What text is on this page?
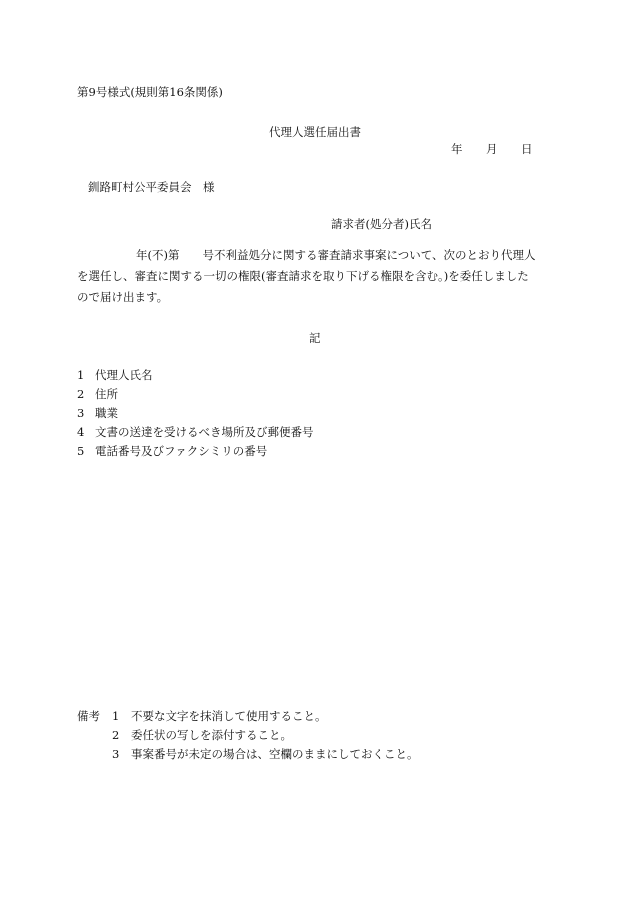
第9号様式(規則第16条関係)
代理人選任届出書
年 月 日
釧路町村公平委員会　様
請求者(処分者)氏名
年(不)第　　号不利益処分に関する審査請求事案について、次のとおり代理人
を選任し、審査に関する一切の権限(審査請求を取り下げる権限を含む。)を委任しました
ので届け出ます。
記
1 代理人氏名
2 住所
3 職業
4 文書の送達を受けるべき場所及び郵便番号
5 電話番号及びファクシミリの番号
備考 1 不要な文字を抹消して使用すること。
2 委任状の写しを添付すること。
3 事案番号が未定の場合は、空欄のままにしておくこと。
